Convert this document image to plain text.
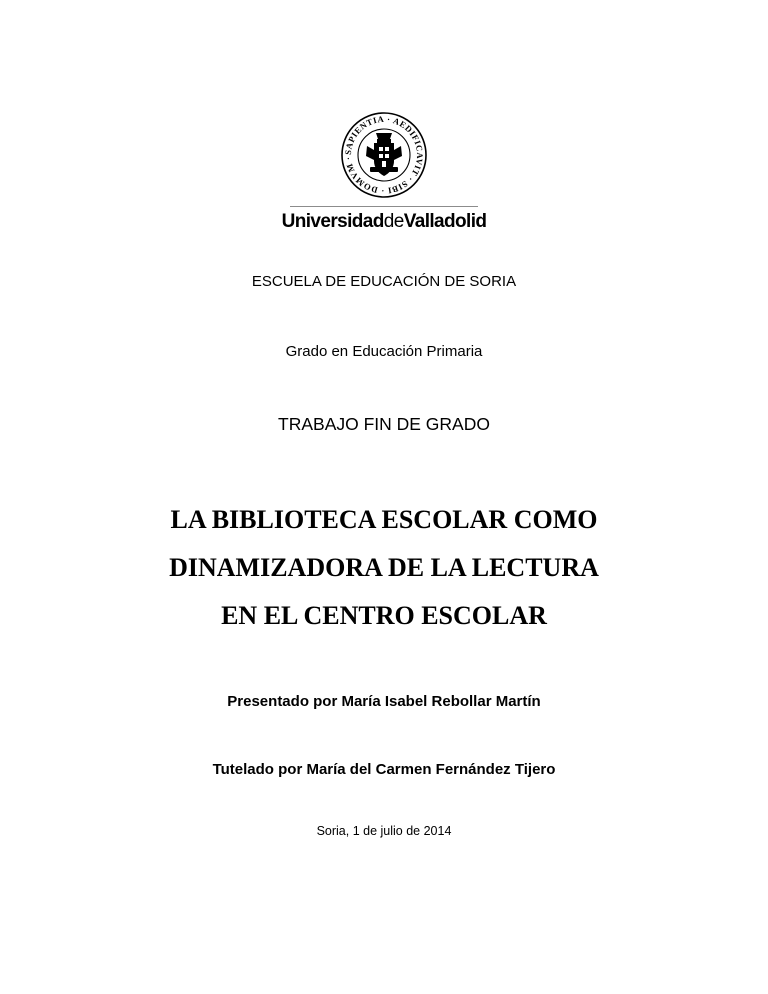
SAPIENTIA · AEDIFICAVIT · SIBI · DOMVM ·
UniversidaddeValladolid
ESCUELA DE EDUCACIÓN DE SORIA
Grado en Educación Primaria
TRABAJO FIN DE GRADO
LA BIBLIOTECA ESCOLAR COMO
DINAMIZADORA DE LA LECTURA
EN EL CENTRO ESCOLAR
Presentado por María Isabel Rebollar Martín
Tutelado por María del Carmen Fernández Tijero
Soria, 1 de julio de 2014
